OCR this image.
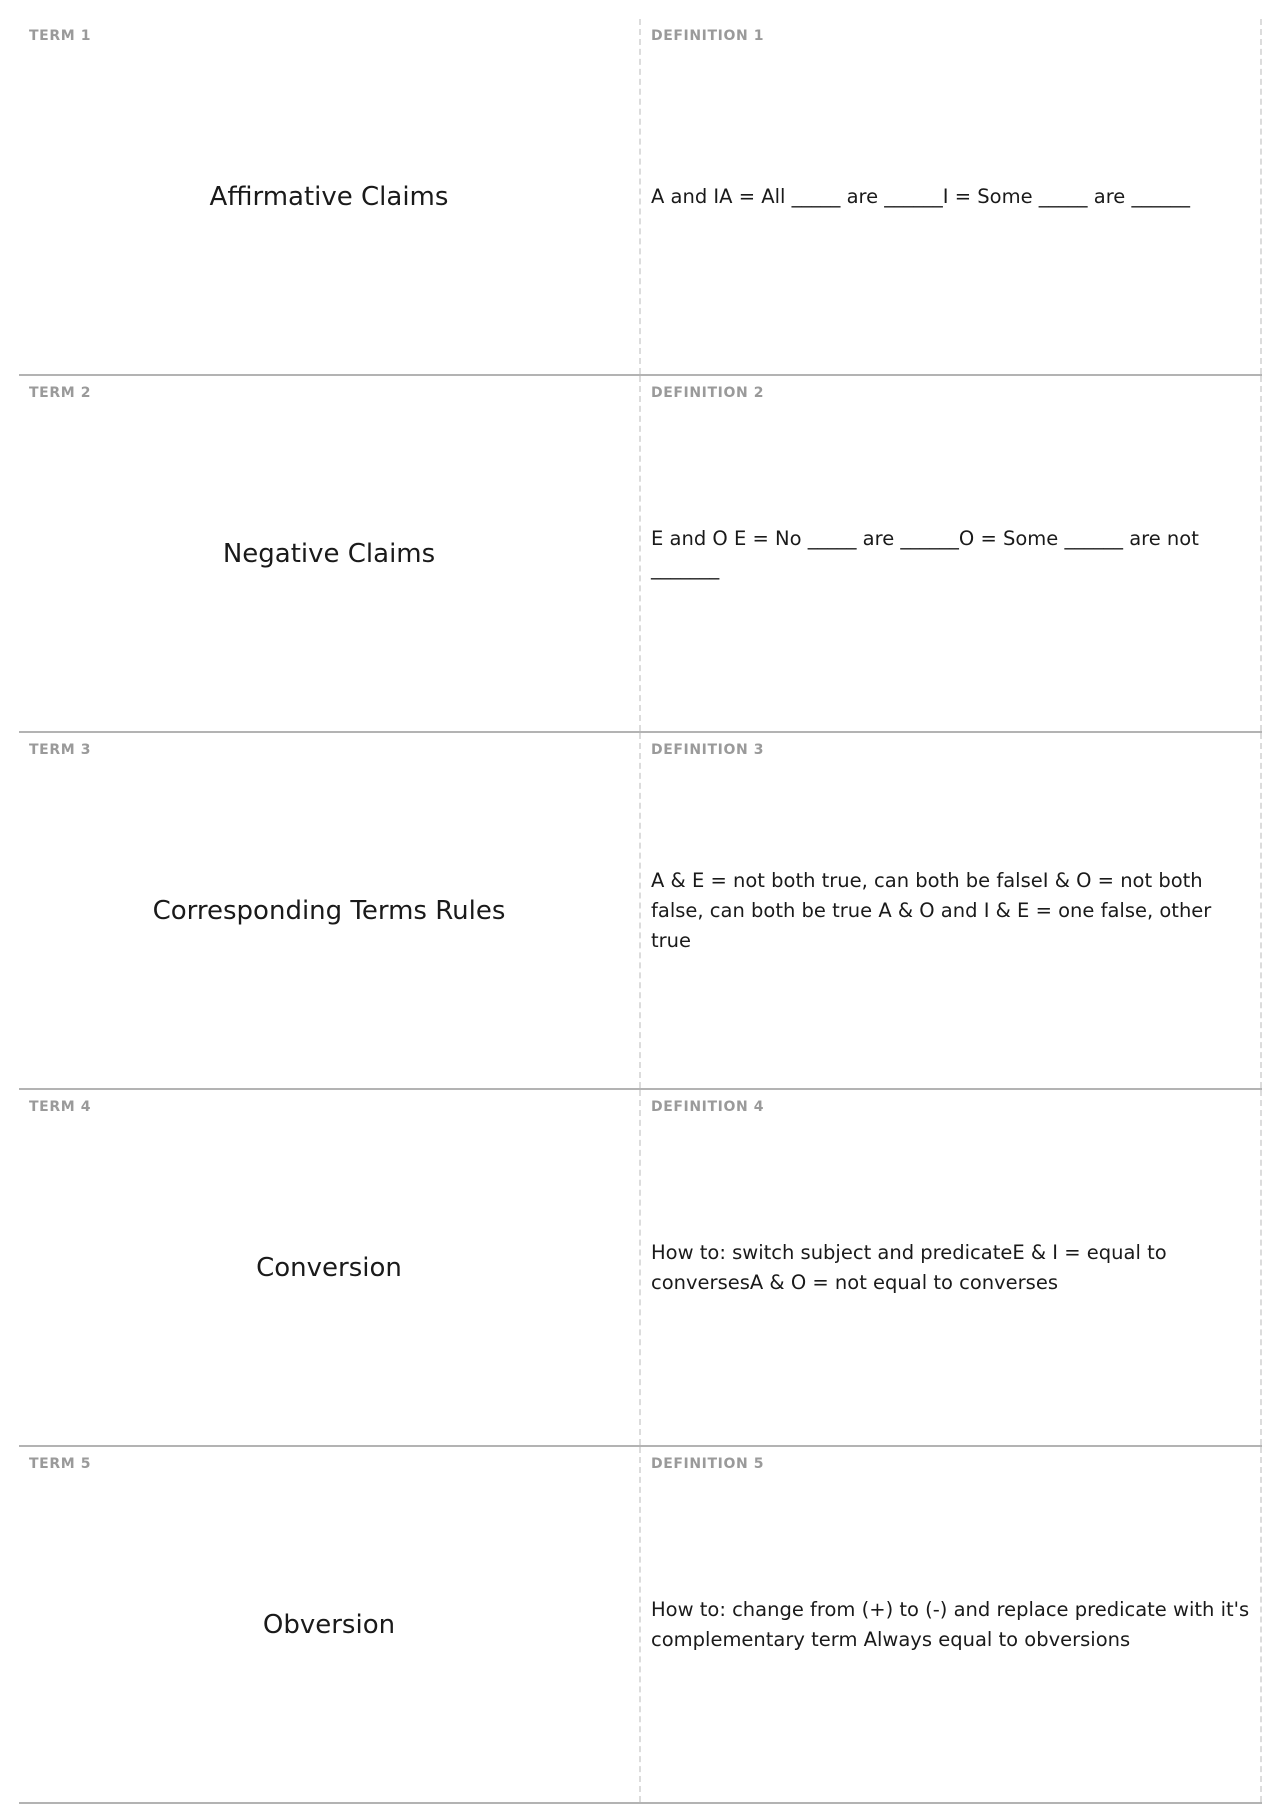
TERM 1
Affirmative Claims
DEFINITION 1
A and IA = All _____ are ______I = Some _____ are ______
TERM 2
Negative Claims
DEFINITION 2
E and O E = No _____ are ______O = Some ______ are not _______
TERM 3
Corresponding Terms Rules
DEFINITION 3
A & E = not both true, can both be falseI & O = not both false, can both be true A & O and I & E = one false, other true
TERM 4
Conversion
DEFINITION 4
How to: switch subject and predicateE & I = equal to conversesA & O = not equal to converses
TERM 5
Obversion
DEFINITION 5
How to: change from (+) to (-) and replace predicate with it's complementary term Always equal to obversions
